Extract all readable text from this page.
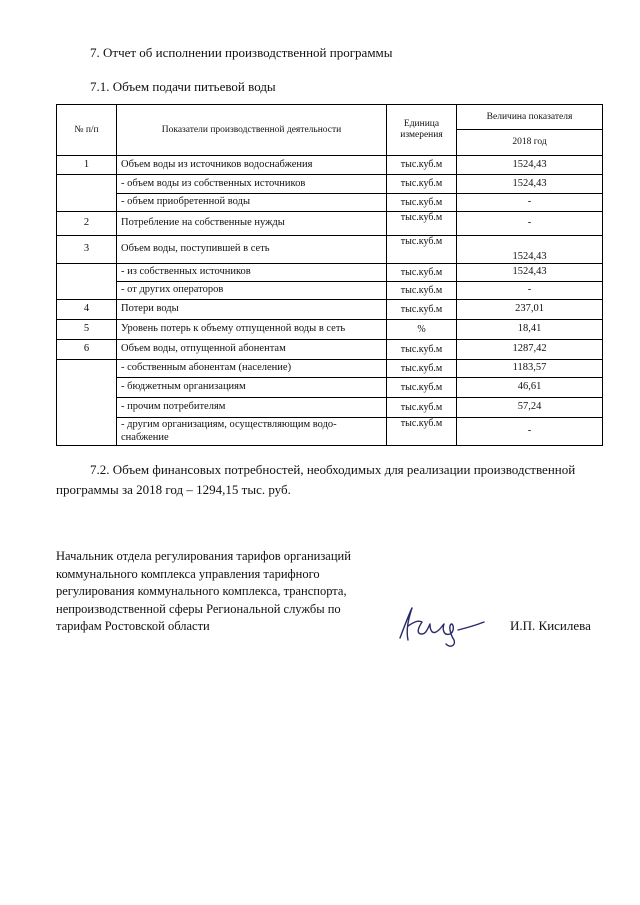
7. Отчет об исполнении производственной программы
7.1. Объем подачи питьевой воды
№ п/п	Показатели производственной деятельности	Единица измерения	Величина показателя
			2018 год
1	Объем воды из источников водоснабжения	тыс.куб.м	1524,43
	- объем воды из собственных источников	тыс.куб.м	1524,43
	- объем приобретенной воды	тыс.куб.м	-
2	Потребление на собственные нужды	тыс.куб.м	-
3	Объем воды, поступившей в сеть	тыс.куб.м	1524,43
	- из собственных источников	тыс.куб.м	1524,43
	- от других операторов	тыс.куб.м	-
4	Потери воды	тыс.куб.м	237,01
5	Уровень потерь к объему отпущенной воды в сеть	%	18,41
6	Объем воды, отпущенной абонентам	тыс.куб.м	1287,42
	- собственным абонентам (население)	тыс.куб.м	1183,57
	- бюджетным организациям	тыс.куб.м	46,61
	- прочим потребителям	тыс.куб.м	57,24
	- другим организациям, осуществляющим водо-снабжение	тыс.куб.м	-
7.2. Объем финансовых потребностей, необходимых для реализации производственной
программы за 2018 год – 1294,15 тыс. руб.
Начальник отдела регулирования тарифов организаций коммунального комплекса управления тарифного регулирования коммунального комплекса, транспорта, непроизводственной сферы Региональной службы по тарифам Ростовской области	И.П. Кисилева
